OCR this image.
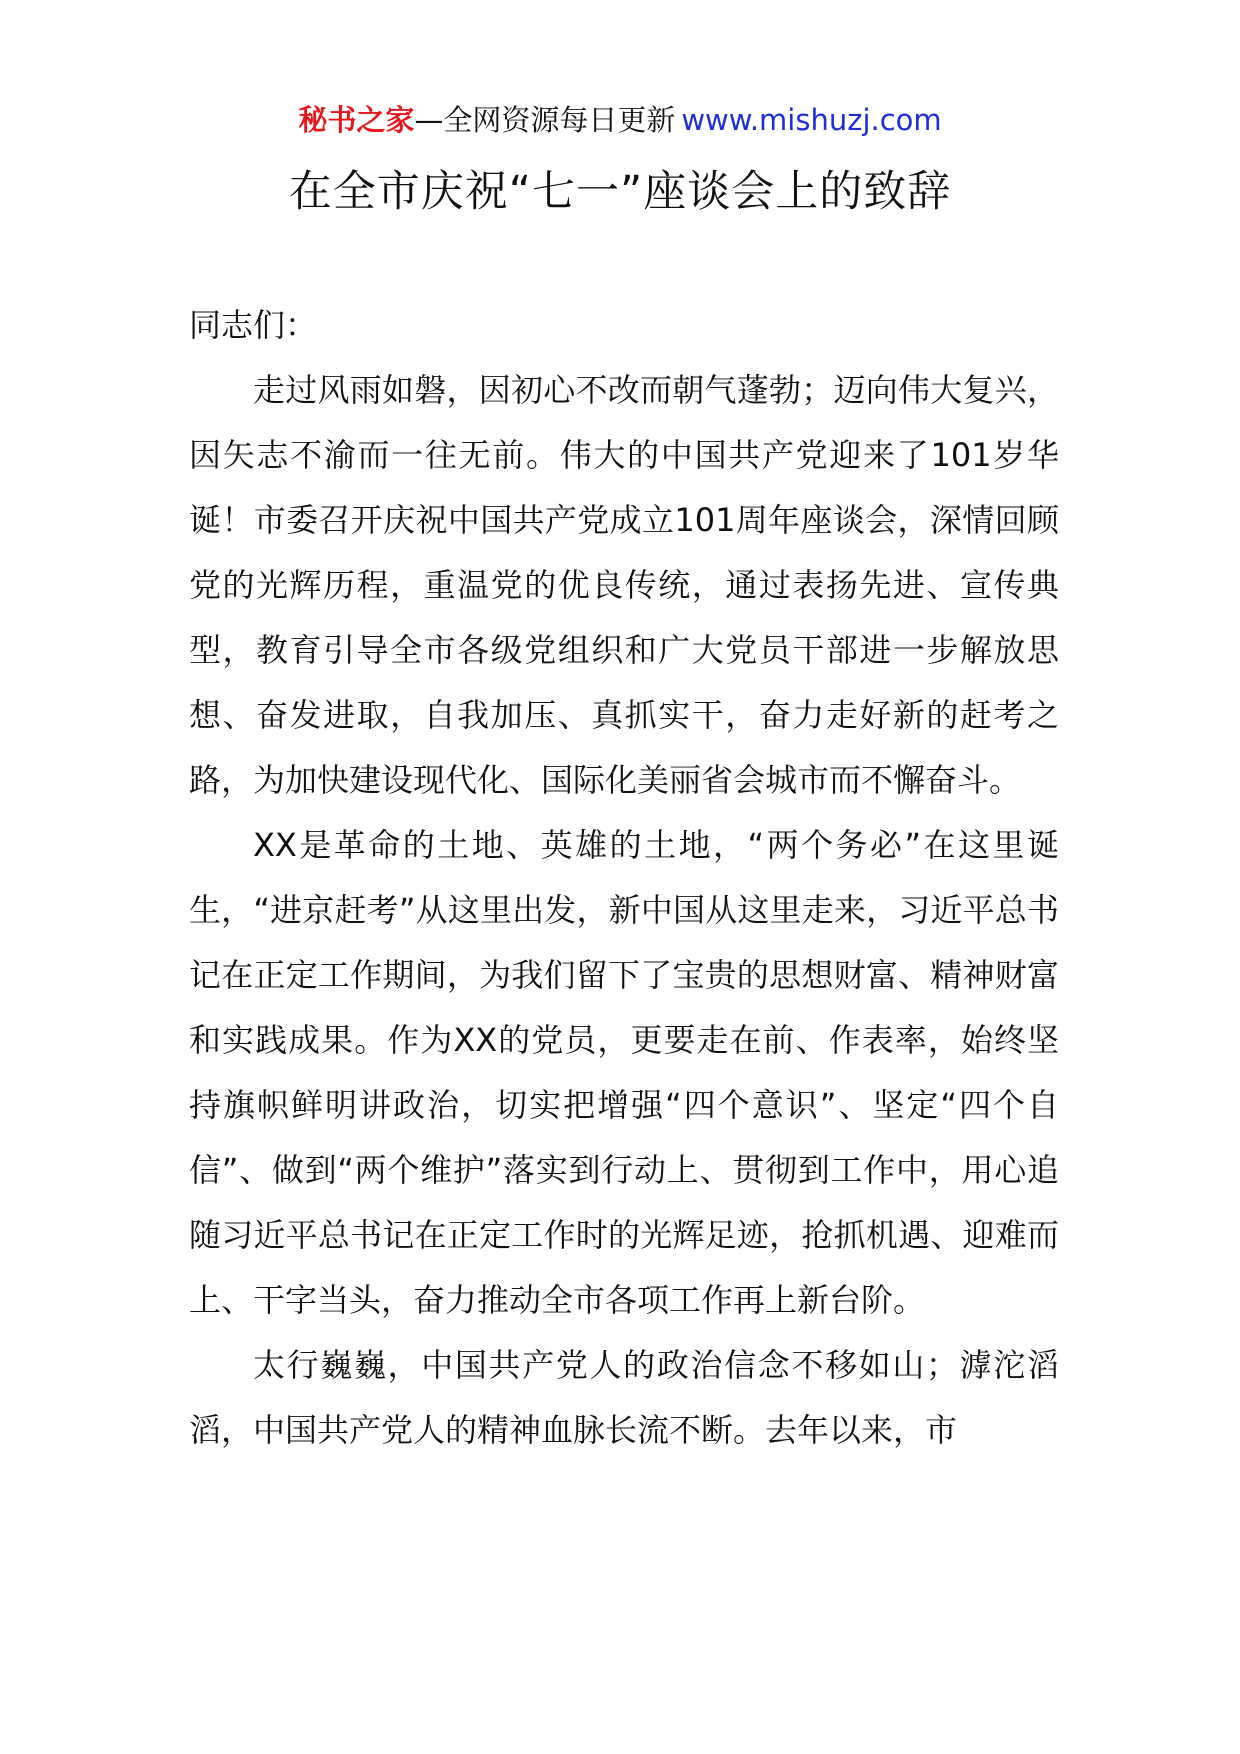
秘书之家—全网资源每日更新 www.mishuzj.com
在全市庆祝“七一”座谈会上的致辞

同志们：

走过风雨如磐，因初心不改而朝气蓬勃；迈向伟大复兴，因矢志不渝而一往无前。伟大的中国共产党迎来了101岁华诞！市委召开庆祝中国共产党成立101周年座谈会，深情回顾党的光辉历程，重温党的优良传统，通过表扬先进、宣传典型，教育引导全市各级党组织和广大党员干部进一步解放思想、奋发进取，自我加压、真抓实干，奋力走好新的赶考之路，为加快建设现代化、国际化美丽省会城市而不懈奋斗。

XX是革命的土地、英雄的土地，“两个务必”在这里诞生，“进京赶考”从这里出发，新中国从这里走来，习近平总书记在正定工作期间，为我们留下了宝贵的思想财富、精神财富和实践成果。作为XX的党员，更要走在前、作表率，始终坚持旗帜鲜明讲政治，切实把增强“四个意识”、坚定“四个自信”、做到“两个维护”落实到行动上、贯彻到工作中，用心追随习近平总书记在正定工作时的光辉足迹，抢抓机遇、迎难而上、干字当头，奋力推动全市各项工作再上新台阶。

太行巍巍，中国共产党人的政治信念不移如山；滹沱滔滔，中国共产党人的精神血脉长流不断。去年以来，市
